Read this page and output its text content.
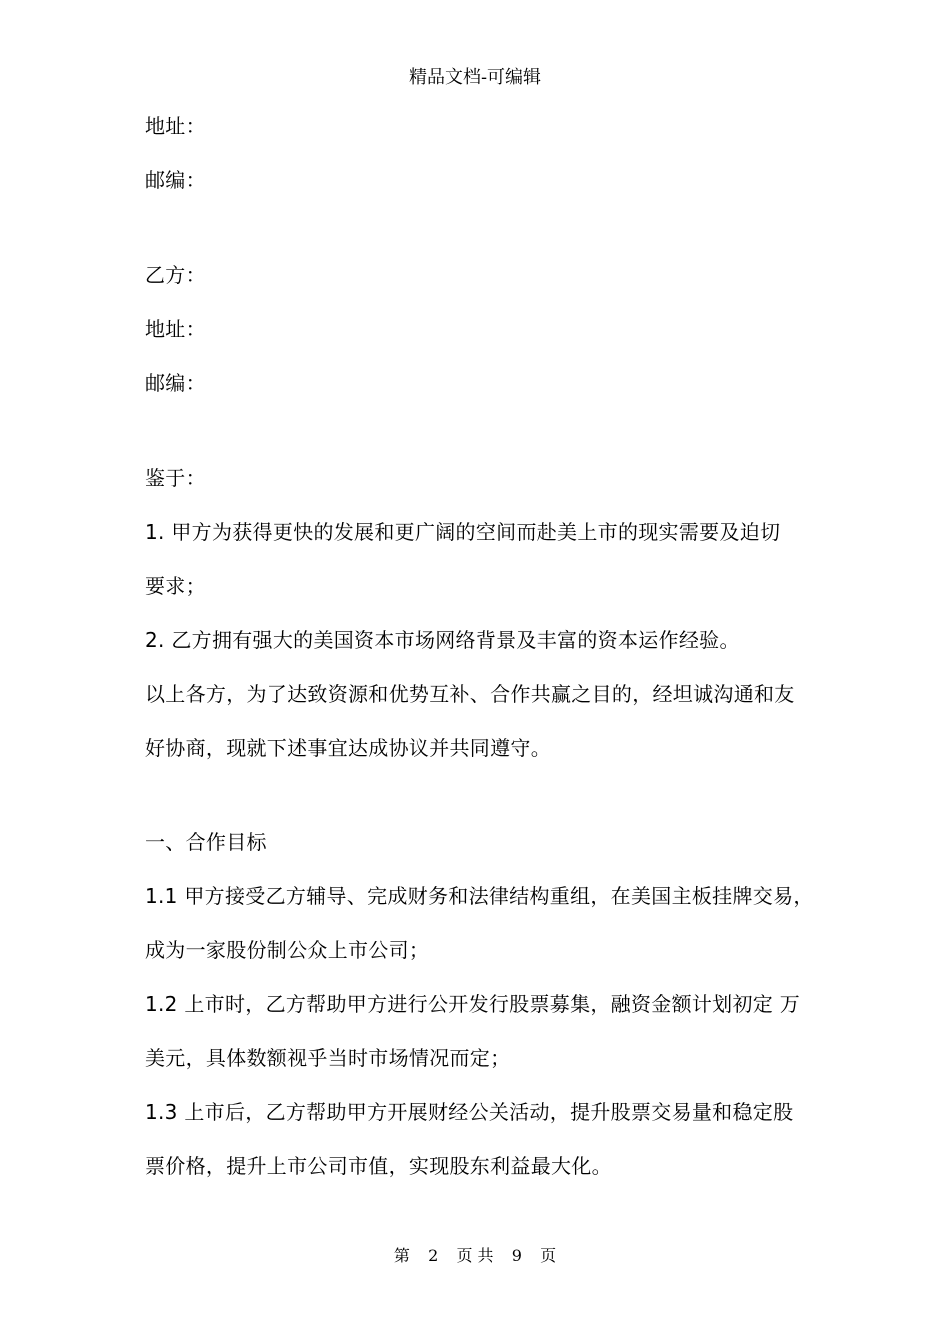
精品文档-可编辑
地址：
邮编：
乙方：
地址：
邮编：
鉴于：
1. 甲方为获得更快的发展和更广阔的空间而赴美上市的现实需要及迫切
要求；
2. 乙方拥有强大的美国资本市场网络背景及丰富的资本运作经验。
以上各方，为了达致资源和优势互补、合作共赢之目的，经坦诚沟通和友
好协商，现就下述事宜达成协议并共同遵守。
一、合作目标
1.1 甲方接受乙方辅导、完成财务和法律结构重组，在美国主板挂牌交易，
成为一家股份制公众上市公司；
1.2 上市时，乙方帮助甲方进行公开发行股票募集，融资金额计划初定 万
美元，具体数额视乎当时市场情况而定；
1.3 上市后，乙方帮助甲方开展财经公关活动，提升股票交易量和稳定股
票价格，提升上市公司市值，实现股东利益最大化。
第 2 页 共 9 页
